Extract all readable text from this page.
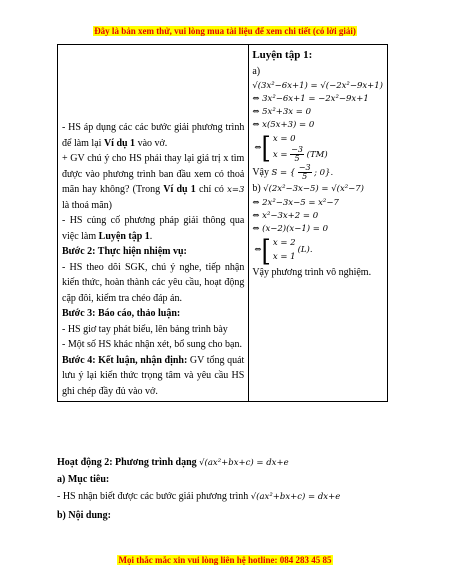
Đây là bản xem thử, vui lòng mua tài liệu để xem chi tiết (có lời giải)

- HS áp dụng các các bước giải phương trình để làm lại Ví dụ 1 vào vở.

+ GV chú ý cho HS phải thay lại giá trị x tìm được vào phương trình ban đầu xem có thoả mãn hay không? (Trong Ví dụ 1 chỉ có x=3 là thoả mãn)

- HS củng cố phương pháp giải thông qua việc làm Luyện tập 1.

Bước 2: Thực hiện nhiệm vụ:

- HS theo dõi SGK, chú ý nghe, tiếp nhận kiến thức, hoàn thành các yêu cầu, hoạt động cặp đôi, kiểm tra chéo đáp án.

Bước 3: Báo cáo, thảo luận:

- HS giơ tay phát biểu, lên bảng trình bày

- Một số HS khác nhận xét, bổ sung cho bạn.

Bước 4: Kết luận, nhận định: GV tổng quát lưu ý lại kiến thức trọng tâm và yêu cầu HS ghi chép đầy đủ vào vở.

Luyện tập 1:

a)

√(3x²−6x+1) = √(−2x²−9x+1)

⇔ 3x²−6x+1 = −2x²−9x+1

⇔ 5x²+3x = 0

⇔ x(5x+3) = 0

⇔ [ x = 0
$x = \frac{-3}{5} (TM)$

Vậy S = { $\frac{-3}{5}$ ; 0}.

b) √(2x²−3x−5) = √(x²−7)

⇔ 2x²−3x−5 = x²−7

⇔ x²−3x+2 = 0

⇔ (x−2)(x−1) = 0

⇔ [ x = 2
x = 1
(L).

Vậy phương trình vô nghiệm.

Hoạt động 2: Phương trình dạng √(ax²+bx+c) = dx+e
a) Mục tiêu:
- HS nhận biết được các bước giải phương trình √(ax²+bx+c) = dx+e
b) Nội dung:
Mọi thắc mắc xin vui lòng liên hệ hotline: 084 283 45 85
